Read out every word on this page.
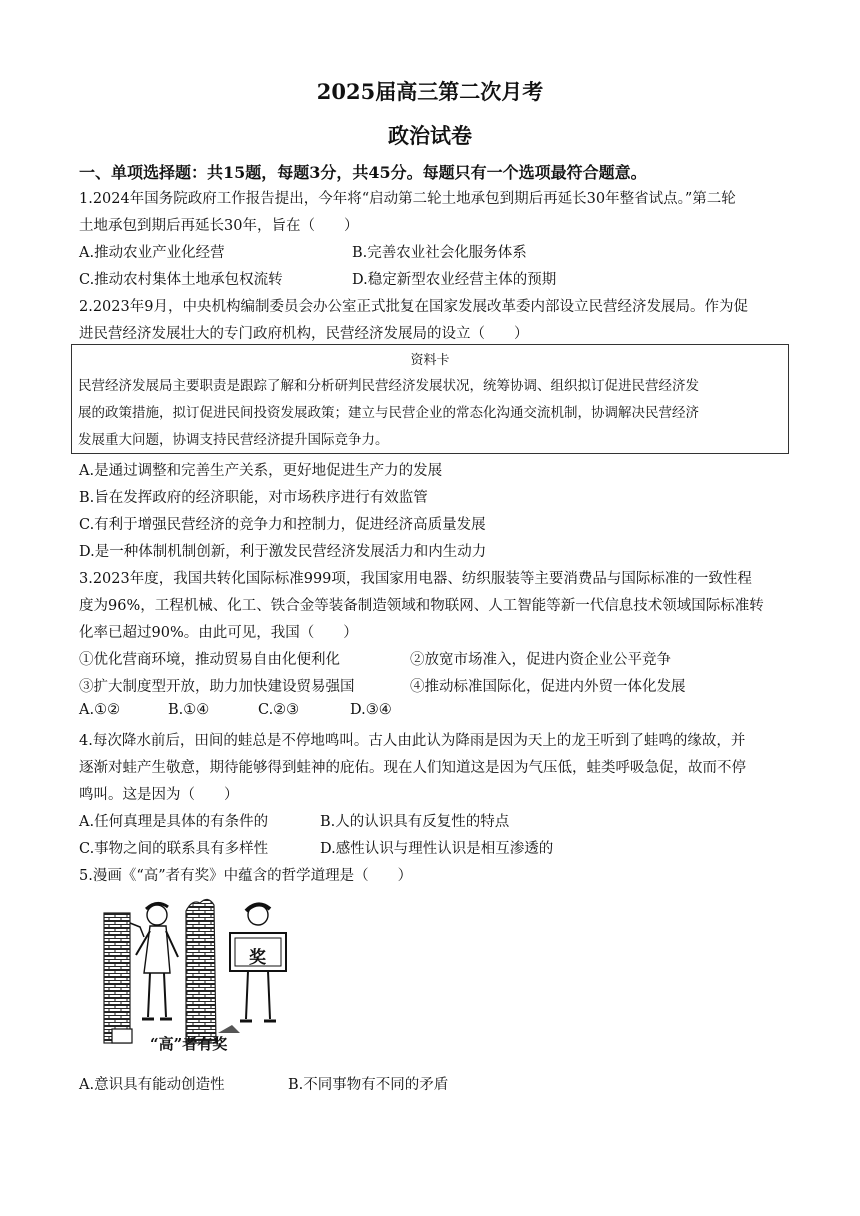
2025届高三第二次月考
政治试卷
一、单项选择题：共15题，每题3分，共45分。每题只有一个选项最符合题意。
1.2024年国务院政府工作报告提出，今年将“启动第二轮土地承包到期后再延长30年整省试点。”第二轮
土地承包到期后再延长30年，旨在（　　）
A.推动农业产业化经营	B.完善农业社会化服务体系
C.推动农村集体土地承包权流转	D.稳定新型农业经营主体的预期
2.2023年9月，中央机构编制委员会办公室正式批复在国家发展改革委内部设立民营经济发展局。作为促
进民营经济发展壮大的专门政府机构，民营经济发展局的设立（　　）
资料卡
民营经济发展局主要职责是跟踪了解和分析研判民营经济发展状况，统筹协调、组织拟订促进民营经济发
展的政策措施，拟订促进民间投资发展政策；建立与民营企业的常态化沟通交流机制，协调解决民营经济
发展重大问题，协调支持民营经济提升国际竞争力。
A.是通过调整和完善生产关系，更好地促进生产力的发展
B.旨在发挥政府的经济职能，对市场秩序进行有效监管
C.有利于增强民营经济的竞争力和控制力，促进经济高质量发展
D.是一种体制机制创新，利于激发民营经济发展活力和内生动力
3.2023年度，我国共转化国际标准999项，我国家用电器、纺织服装等主要消费品与国际标准的一致性程
度为96%，工程机械、化工、铁合金等装备制造领域和物联网、人工智能等新一代信息技术领域国际标准转
化率已超过90%。由此可见，我国（　　）
①优化营商环境，推动贸易自由化便利化	②放宽市场准入，促进内资企业公平竞争
③扩大制度型开放，助力加快建设贸易强国	④推动标准国际化，促进内外贸一体化发展
A.①②	B.①④	C.②③	D.③④
4.每次降水前后，田间的蛙总是不停地鸣叫。古人由此认为降雨是因为天上的龙王听到了蛙鸣的缘故，并
逐渐对蛙产生敬意，期待能够得到蛙神的庇佑。现在人们知道这是因为气压低，蛙类呼吸急促，故而不停
鸣叫。这是因为（　　）
A.任何真理是具体的有条件的	B.人的认识具有反复性的特点
C.事物之间的联系具有多样性	D.感性认识与理性认识是相互渗透的
5.漫画《“高”者有奖》中蕴含的哲学道理是（　　）
奖
“高”者有奖
A.意识具有能动创造性	B.不同事物有不同的矛盾
